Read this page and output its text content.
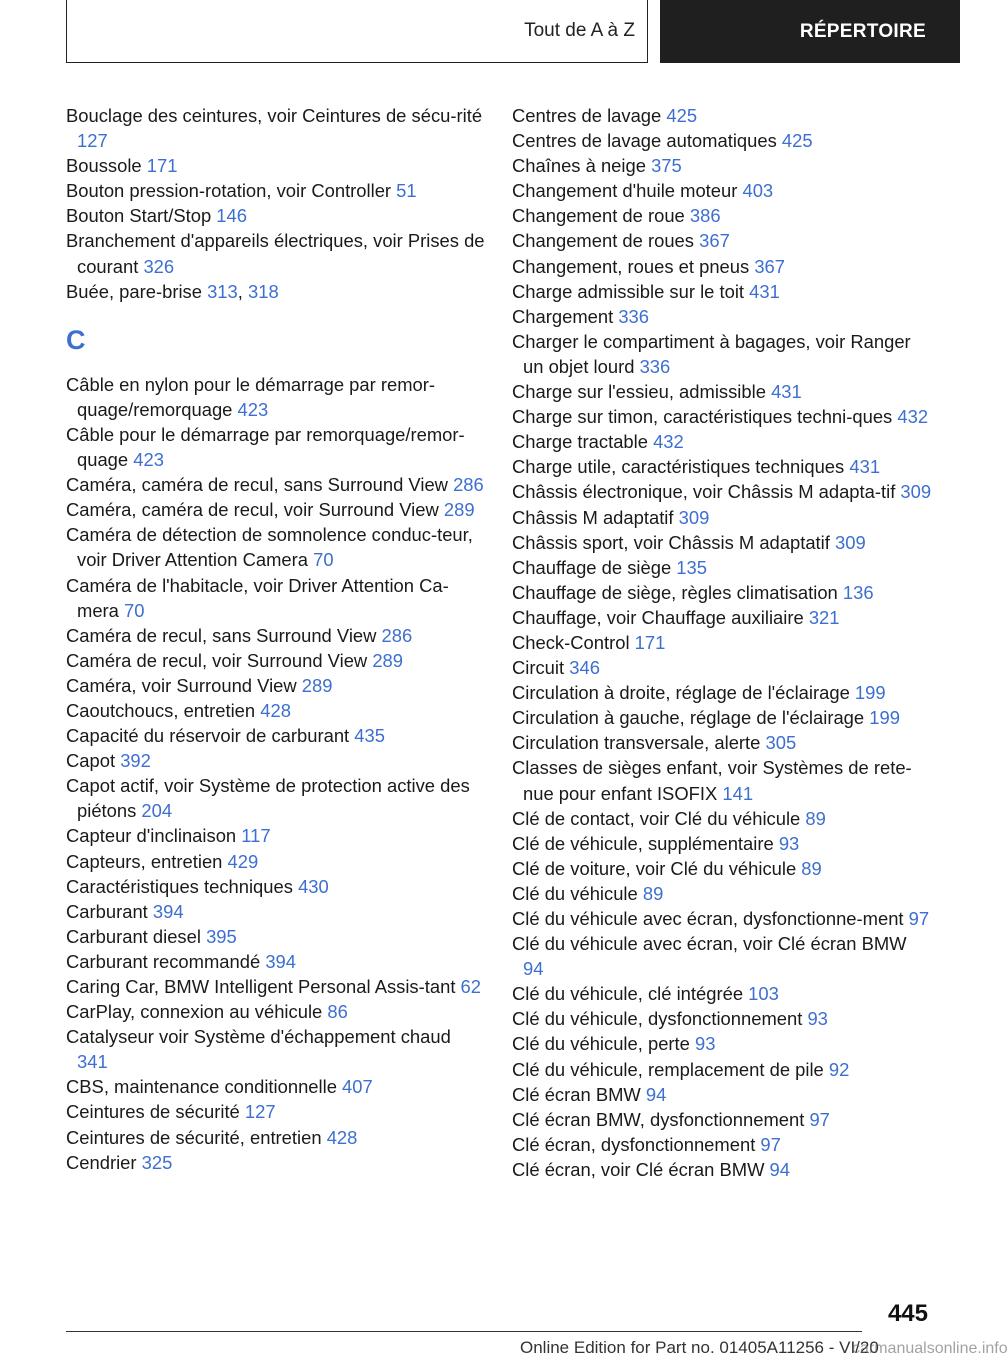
Tout de A à Z	RÉPERTOIRE

Bouclage des ceintures, voir Ceintures de sécu‐rité 127

Boussole 171

Bouton pression-rotation, voir Controller 51

Bouton Start/Stop 146

Branchement d'appareils électriques, voir Prises de courant 326

Buée, pare-brise 313, 318

C

Câble en nylon pour le démarrage par remor‐quage/remorquage 423

Câble pour le démarrage par remorquage/remor‐quage 423

Caméra, caméra de recul, sans Surround View 286

Caméra, caméra de recul, voir Surround View 289

Caméra de détection de somnolence conduc‐teur, voir Driver Attention Camera 70

Caméra de l'habitacle, voir Driver Attention Ca‐mera 70

Caméra de recul, sans Surround View 286

Caméra de recul, voir Surround View 289

Caméra, voir Surround View 289

Caoutchoucs, entretien 428

Capacité du réservoir de carburant 435

Capot 392

Capot actif, voir Système de protection active des piétons 204

Capteur d'inclinaison 117

Capteurs, entretien 429

Caractéristiques techniques 430

Carburant 394

Carburant diesel 395

Carburant recommandé 394

Caring Car, BMW Intelligent Personal Assis‐tant 62

CarPlay, connexion au véhicule 86

Catalyseur voir Système d'échappement chaud 341

CBS, maintenance conditionnelle 407

Ceintures de sécurité 127

Ceintures de sécurité, entretien 428

Cendrier 325

Centres de lavage 425

Centres de lavage automatiques 425

Chaînes à neige 375

Changement d'huile moteur 403

Changement de roue 386

Changement de roues 367

Changement, roues et pneus 367

Charge admissible sur le toit 431

Chargement 336

Charger le compartiment à bagages, voir Ranger un objet lourd 336

Charge sur l'essieu, admissible 431

Charge sur timon, caractéristiques techni‐ques 432

Charge tractable 432

Charge utile, caractéristiques techniques 431

Châssis électronique, voir Châssis M adapta‐tif 309

Châssis M adaptatif 309

Châssis sport, voir Châssis M adaptatif 309

Chauffage de siège 135

Chauffage de siège, règles climatisation 136

Chauffage, voir Chauffage auxiliaire 321

Check-Control 171

Circuit 346

Circulation à droite, réglage de l'éclairage 199

Circulation à gauche, réglage de l'éclairage 199

Circulation transversale, alerte 305

Classes de sièges enfant, voir Systèmes de rete‐nue pour enfant ISOFIX 141

Clé de contact, voir Clé du véhicule 89

Clé de véhicule, supplémentaire 93

Clé de voiture, voir Clé du véhicule 89

Clé du véhicule 89

Clé du véhicule avec écran, dysfonctionne‐ment 97

Clé du véhicule avec écran, voir Clé écran BMW 94

Clé du véhicule, clé intégrée 103

Clé du véhicule, dysfonctionnement 93

Clé du véhicule, perte 93

Clé du véhicule, remplacement de pile 92

Clé écran BMW 94

Clé écran BMW, dysfonctionnement 97

Clé écran, dysfonctionnement 97

Clé écran, voir Clé écran BMW 94

445
Online Edition for Part no. 01405A11256 - VI/20
carmanualsonline.info
